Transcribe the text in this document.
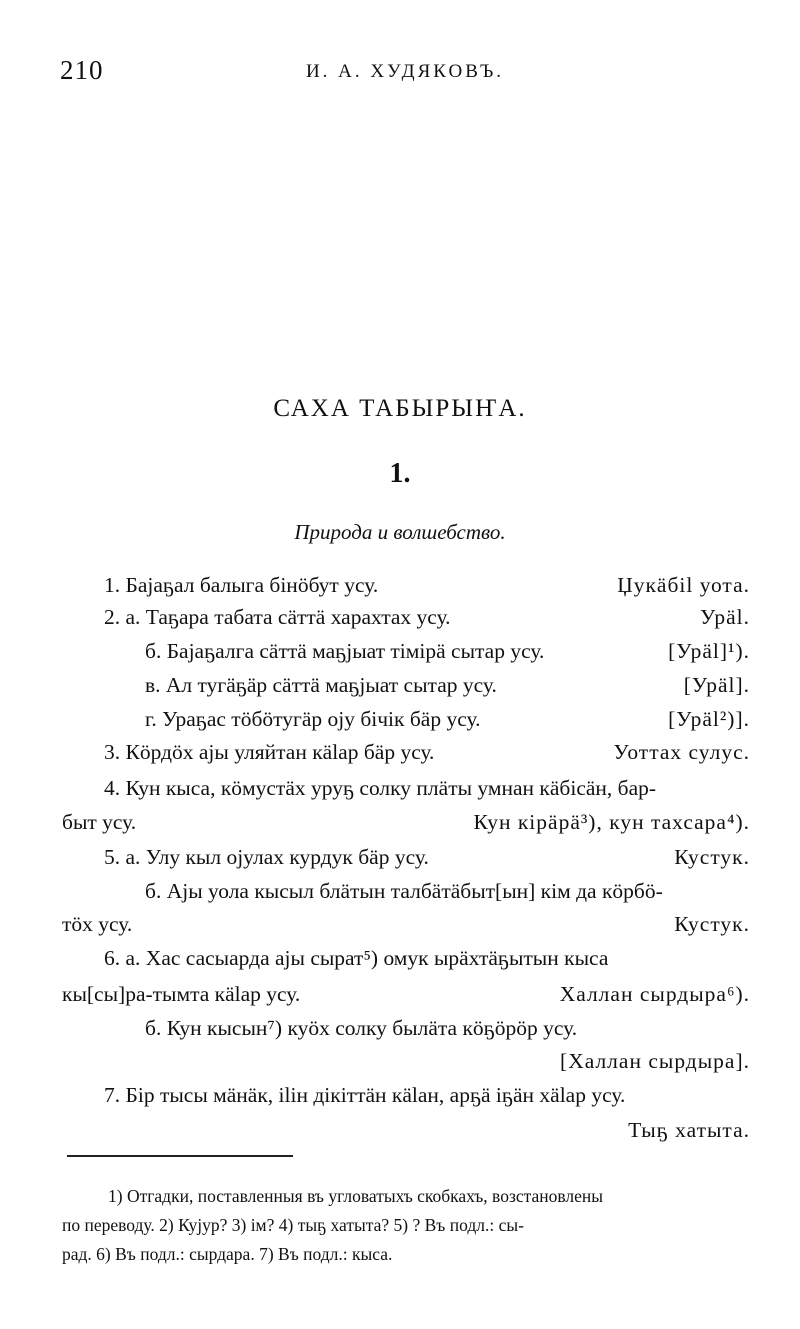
210	И. А. ХУДЯКОВЪ.
САХА ТАБЫРЫҤА.
1.
Природа и волшебство.
1. Баjаҕал балыга бiнöбут усу.	Џукäбil уота.
2. а. Таҕара табата сäттä харахтах усу.	Урäl.
б. Баjаҕалга сäттä маҕjыат тiмiрä сытар усу.	[Урäl]¹).
в. Ал тугäҕäр сäттä маҕjыат сытар усу.	[Урäl].
г. Ураҕас тöбöтугäр оjу бiчiк бäр усу.	[Урäl²)].
3. Кöрдöх аjы уляйтан кälар бäр усу.	Уоттах сулус.
4. Кун кыса, кöмустäх уруҕ солку плäты умнан кäбiсäн, бар-
быт усу.	Кун кiрäрä³), кун тахсара⁴).
5. а. Улу кыл оjулах курдук бäр усу.	Кустук.
б. Аjы уола кысыл блäтын талбäтäбыт[ын] кiм да кöрбö-
тöх усу.	Кустук.
6. а. Хас сасыарда аjы сырат⁵) омук ырäхтäҕытын кыса
кы[сы]ра-тымта кälар усу.	Халлан сырдыра⁶).
б. Кун кысын⁷) куöх солку былäта кöҕöрöр усу.
[Халлан сырдыра].
7. Бiр тысы мäнäк, iliн дiкiттäн кälан, арҕä iҕäн хälар усу.
Тыҕ хатыта.
1) Отгадки, поставленныя въ угловатыхъ скобкахъ, возстановлены
по переводу. 2) Кујур? 3) iм? 4) тыҕ хатыта? 5) ? Въ подл.: сы-
рад. 6) Въ подл.: сырдара. 7) Въ подл.: кыса.
